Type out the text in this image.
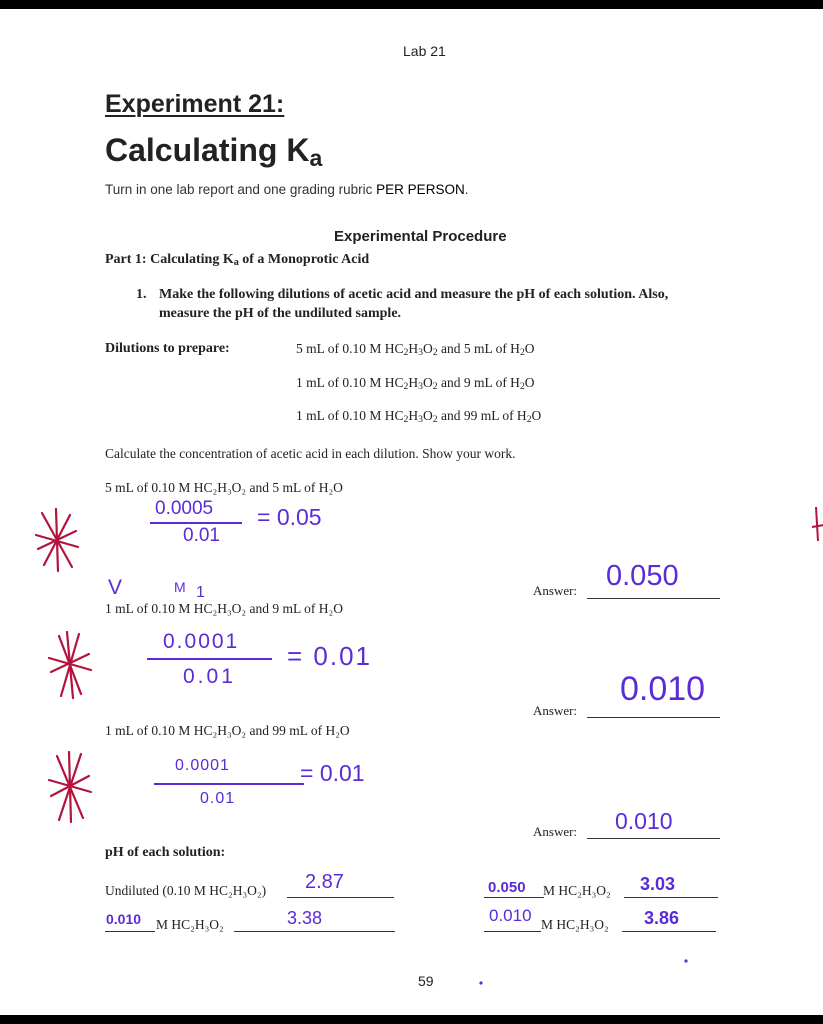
Lab 21
Experiment 21:
Calculating $K_a$
Turn in one lab report and one grading rubric PER PERSON.
Experimental Procedure
Part 1: Calculating $K_a$ of a Monoprotic Acid
1. Make the following dilutions of acetic acid and measure the pH of each solution. Also,
measure the pH of the undiluted sample.
Dilutions to prepare:	5 mL of 0.10 M $HC_2H_3O_2$ and 5 mL of $H_2O$
1 mL of 0.10 M $HC_2H_3O_2$ and 9 mL of $H_2O$
1 mL of 0.10 M $HC_2H_3O_2$ and 99 mL of $H_2O$
Calculate the concentration of acetic acid in each dilution. Show your work.
5 mL of 0.10 M HC₂H₃O₂ and 5 mL of H₂O
0.0005
0.01
= 0.05
Answer: 0.050
1 mL of 0.10 M HC₂H₃O₂ and 9 mL of H₂O
V	M 1
0.0001
0.01
= 0.01
Answer:
0.010
1 mL of 0.10 M HC₂H₃O₂ and 99 mL of H₂O
0.0001
0.01
= 0.01
Answer: 0.010
pH of each solution:
Undiluted (0.10 M HC₂H₃O₂) 2.87	0.050 M HC₂H₃O₂ 3.03
0.010 M HC₂H₃O₂	3.38	0.010 M HC₂H₃O₂ 3.86
59
